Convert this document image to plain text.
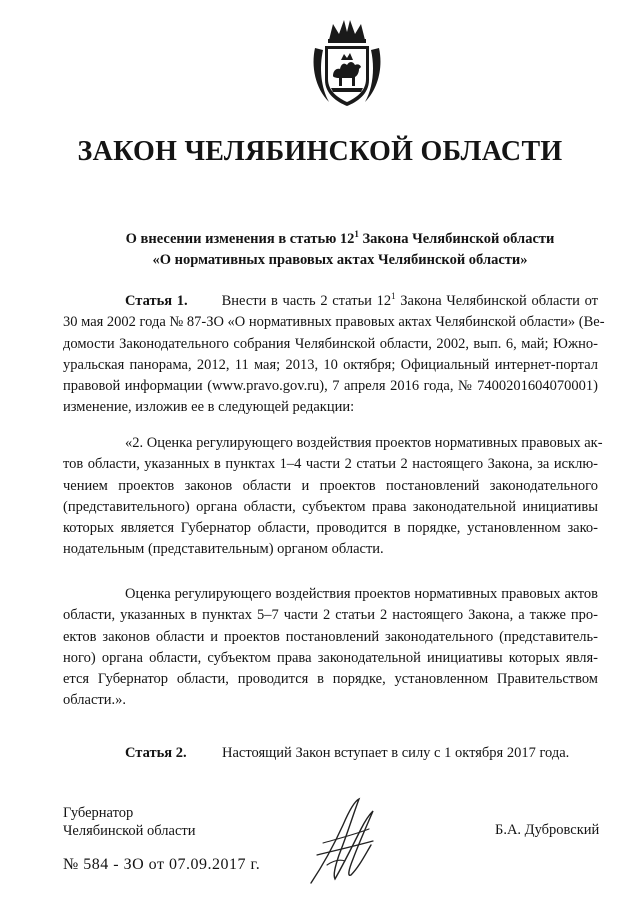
ЗАКОН ЧЕЛЯБИНСКОЙ ОБЛАСТИ
О внесении изменения в статью $12^1$ Закона Челябинской области
«О нормативных правовых актах Челябинской области»
Статья 1. Внести в часть 2 статьи $12^1$ Закона Челябинской области от
30 мая 2002 года № 87-ЗО «О нормативных правовых актах Челябинской области» (Ве-
домости Законодательного собрания Челябинской области, 2002, вып. 6, май; Южно-
уральская панорама, 2012, 11 мая; 2013, 10 октября; Официальный интернет-портал
правовой информации (www.pravo.gov.ru), 7 апреля 2016 года, № 7400201604070001)
изменение, изложив ее в следующей редакции:
«2. Оценка регулирующего воздействия проектов нормативных правовых ак-
тов области, указанных в пунктах 1–4 части 2 статьи 2 настоящего Закона, за исклю-
чением проектов законов области и проектов постановлений законодательного
(представительного) органа области, субъектом права законодательной инициативы
которых является Губернатор области, проводится в порядке, установленном зако-
нодательным (представительным) органом области.
Оценка регулирующего воздействия проектов нормативных правовых актов
области, указанных в пунктах 5–7 части 2 статьи 2 настоящего Закона, а также про-
ектов законов области и проектов постановлений законодательного (представитель-
ного) органа области, субъектом права законодательной инициативы которых явля-
ется Губернатор области, проводится в порядке, установленном Правительством
области.».
Статья 2. Настоящий Закон вступает в силу с 1 октября 2017 года.
Губернатор
Челябинской области	Б.А. Дубровский
№ 584 - ЗО от 07.09.2017 г.
